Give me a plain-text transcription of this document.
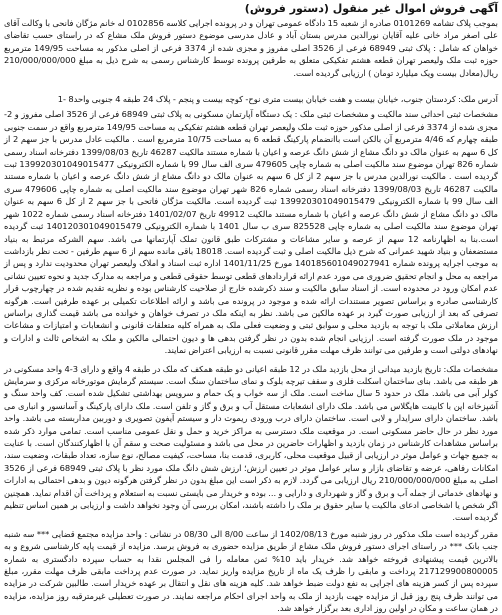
آگهی فروش اموال غیر منقول (دستور فروش)

بموجب پلاک تشامه 0101269 صادره از شعبه 15 دادگاه عمومی تهران و در پرونده اجرایی کلاسه 0102856 له خانم مژگان فانحی با وکالت آقای علی اصغر مراد خانی علیه آقایان نورالدین مدرس بستان آباد و عادل مدرسی موضوع دستور فروش ملک مشاع که در راستای حسب تقاضای خواهان که شامل : پلاک ثبتی 68949 فرعی از 3526 اصلی مفروز و مجزی شده از 3374 فرعی از اصلی مذکور به مساحت 149/95 مترمربع حوزه ثبت ملک ولیعصر تهران قطعه هشتم تفکیکی متعلق به طرفین پرونده توسط کارشناس رسمی به شرح ذیل به مبلغ 210/000/000/000 ریال(معادل بیست ویک میلیارد تومان ) ارزیابی گردیده است.

آدرس ملک: کردستان جنوب، خیابان بیست و هفت خیابان بیست متری نوح- کوچه بیست و پنجم - پلاک 24 طبقه 4 جنوبی واحد8 -1

مشخصات ثبتی احداثی سند مالکیت و مشخصات ثبتی ملک : یک دستگاه آپارتمان مسکونی به پلاک ثبتی 68949 فرعی از 3526 اصلی مفروز و 2- مجزی شده از 3374 فرعی از اصلی مذکور حوزه ثبت ملک ولیعصر تهران قطعه هشتم تفکیکی به مساحت 149/95 مترمربع واقع در سمت جنوبی طبقه چهارم که 4/46 مترمربع آن بالکن است باانضمام پارکینگ قطعه 6 به مساحت 10/75 مترمربع است . مالکیت عادل مدرس با جز سهم 2 از کل 6 سهم به عنوان مالک دو دانگ مشاع از شش دانگ عرصه و اعیان با شماره مستند مالکیت 46287 تاریخ 1399/08/03 دفترخانه اسناد رسمی شماره 826 تهران موضوع سند مالکیت اصلی به شماره چاپی 479605 سری الف سال 99 با شماره الکترونیکی 139920301049015477 ثبت گردیده است . مالکیت نورالدین مدرس با جز سهم 2 از کل 6 سهم به عنوان مالک دو دانگ مشاع از شش دانگ عرصه و اعیان با شماره مستند مالکیت 46287 تاریخ 1399/08/03 دفترخانه اسناد رسمی شماره 826 شهر تهران موضوع سند مالکیت اصلی به شماره چاپی 479606 سری الف سال 99 با شماره الکترونیکی 139920301049015479 ثبت گردیده است. مالکیت مژگان فاتحی با جز سهم 2 از کل 6 سهم به عنوان مالک دو دانگ مشاع از شش دانگ عرصه و اعیان با شماره مستند مالکیت 49912 تاریخ 1401/02/07 دفترخانه اسناد رسمی شماره 1022 شهر تهران موضوع سند مالکیت اصلی به شماره چاپی 825528 سری ب سال 1401 با شماره الکترونیکی 140120301049015479 ثبت گردیده است.بنا به اظهارنامه 12 سهم از عرصه و سایر مشاعات و مشترکات طبق قانون تملک آپارتمانها می باشد. سهم الشرکه مرتبط به بنیاد مستضعفان و بنیاد شهید عمرانی که شرح ذیل مالکیت اصلی و ثبت گردیده است. 18018 باقی مانده سهم از 6 سهم طرفین - تحت نظر بازداشت به موجب اجرایه پرونده شماره 140185601049027941 مورخ 1401/11/25 اداره ثبت اسناد و املاک ولیعصر تهران محدودیت ندارد و پس از مراجعه به محل و انجام تحقیق ضروری می مورد عدم ارائه قراردادهای قطعی توسط حقوقی قطعی و مراجعه به مدارک جدید و نحوه تعیین نشانی عدم امکان ورود در محدوده است. از اسناد سابق مالکیت و سند ذکرشده خارج از صلاحیت کارشناس بوده و نظریه تقدیم شده در چهارچوب قرار کارشناسی صادره و براساس تصویر مستندات ارائه شده و موجود در پرونده می باشد و ارائه اطلاعات تکمیلی بر عهده طرفین است. هرگونه تصرفی که بعد از ارزیابی صورت گیرد بر عهده مالکین می باشد. نظر به اینکه ملک در تصرف خواهان و خوانده می باشد قیمت گذاری براساس ارزش معاملاتی ملک با توجه به بازدید محلی و سوابق ثبتی و وضعیت فعلی ملک به همراه کلیه متعلقات قانونی و انشعابات و امتیازات و مشاعات موجود در ملک صورت گرفته است. ارزیابی انجام شده بدون در نظر گرفتن بدهی ها و دیون احتمالی مالکین و ملک به اشخاص ثالث و ادارات و نهادهای دولتی است و طرفین می توانند ظرف مهلت مقرر قانونی نسبت به ارزیابی اعتراض نمایند.

مشخصات ملک: تاریخ بازدید میدانی از محل بازدید ملک در 12 طبقه اعیانی دو طبقه همکف که ملک در طبقه 4 واقع و دارای 3-4 واحد مسکونی در هر طبقه می باشد. بنای ساختمان اسکلت فلزی و سقف تیرچه بلوک و نمای ساختمان سنگ است. سیستم گرمایش موتورخانه مرکزی و سرمایش کولر آبی می باشد. ملک در حدود 5 سال ساخت است. ملک از سه خواب و یک حمام و سرویس بهداشتی تشکیل شده است. کف واحد سنگ و آشپزخانه اپن با کابینت هایگلاس می باشد. ملک دارای انشعابات مستقل آب و برق و گاز و تلفن است. ملک دارای پارکینگ و آسانسور و انباری می باشد. ساختمان دارای سرایدار و لابی است. ساختمان دارای درب ورودی ریموت دار و سیستم آیفون تصویری و دوربین مداربسته می باشد. واحد مورد نظر در حال حاضر مسکونی است. در موقعیت ملک دسترسی به مراکز خرید و حمل و نقل عمومی مناسب است. تمامی موارد ذکر شده براساس مشاهدات کارشناس در زمان بازدید و اظهارات حاضرین در محل می باشد و مسئولیت صحت و سقم آن با اظهارکنندگان است. با عنایت به جمیع جهات و عوامل موثر در ارزیابی از قبیل موقعیت محلی، کاربری، قدمت بنا، مساحت، کیفیت مصالح، نوع سازه، تعداد طبقات، وضعیت سند، امکانات رفاهی، عرضه و تقاضای بازار و سایر عوامل موثر در تعیین ارزش؛ ارزش شش دانگ ملک مورد نظر با پلاک ثبتی 68949 فرعی از 3526 اصلی به مبلغ 210/000/000/000 ریال ارزیابی می گردد. لازم به ذکر است این مبلغ بدون در نظر گرفتن هرگونه دیون و بدهی احتمالی به ادارات و نهادهای خدماتی از جمله آب و برق و گاز و شهرداری و دارایی و ... بوده و خریدار می بایستی نسبت به استعلام و پرداخت آن اقدام نماید. همچنین اگر شخص یا اشخاصی ادعای مالکیت یا سایر حقوق بر ملک را داشته باشند، امکان بررسی آن وجود نخواهد داشت و ارزیابی بر همین اساس تنظیم گردیده است.

مقرر گردیده است ملک مذکور در روز شنبه مورخ 1402/08/13 از ساعت 8/00 الی 08/30 در نشانی : واحد مزایده مجتمع قضایی *** سه شنبه جنب بانک *** در راستای اجرای دستور فروش ملک مشاع از طریق مزایده حضوری به فروش برسد. مزایده از قیمت پایه کارشناسی شروع و به بالاترین قیمت پیشنهادی فروخته خواهد شد. خریدار باید 10% ثمن معامله را فی المجلس نقدا به حساب سپرده دادگستری به شماره 217129900800005 پرداخت و مابقی را ظرف یک ماه از تاریخ مزایده واریز نماید. در صورت عدم پرداخت مابقی ظرف مهلت مقرر، مبلغ سپرده پس از کسر هزینه های اجرایی به نفع دولت ضبط خواهد شد. کلیه هزینه های نقل و انتقال بر عهده خریدار است. طالبین شرکت در مزایده می توانند ظرف پنج روز قبل از مزایده جهت بازدید از ملک به واحد اجرای احکام مراجعه نمایند. در صورت تعطیلی غیرمترقبه روز مزایده، مزایده در همان ساعت و مکان در اولین روز اداری بعد برگزار خواهد شد.
